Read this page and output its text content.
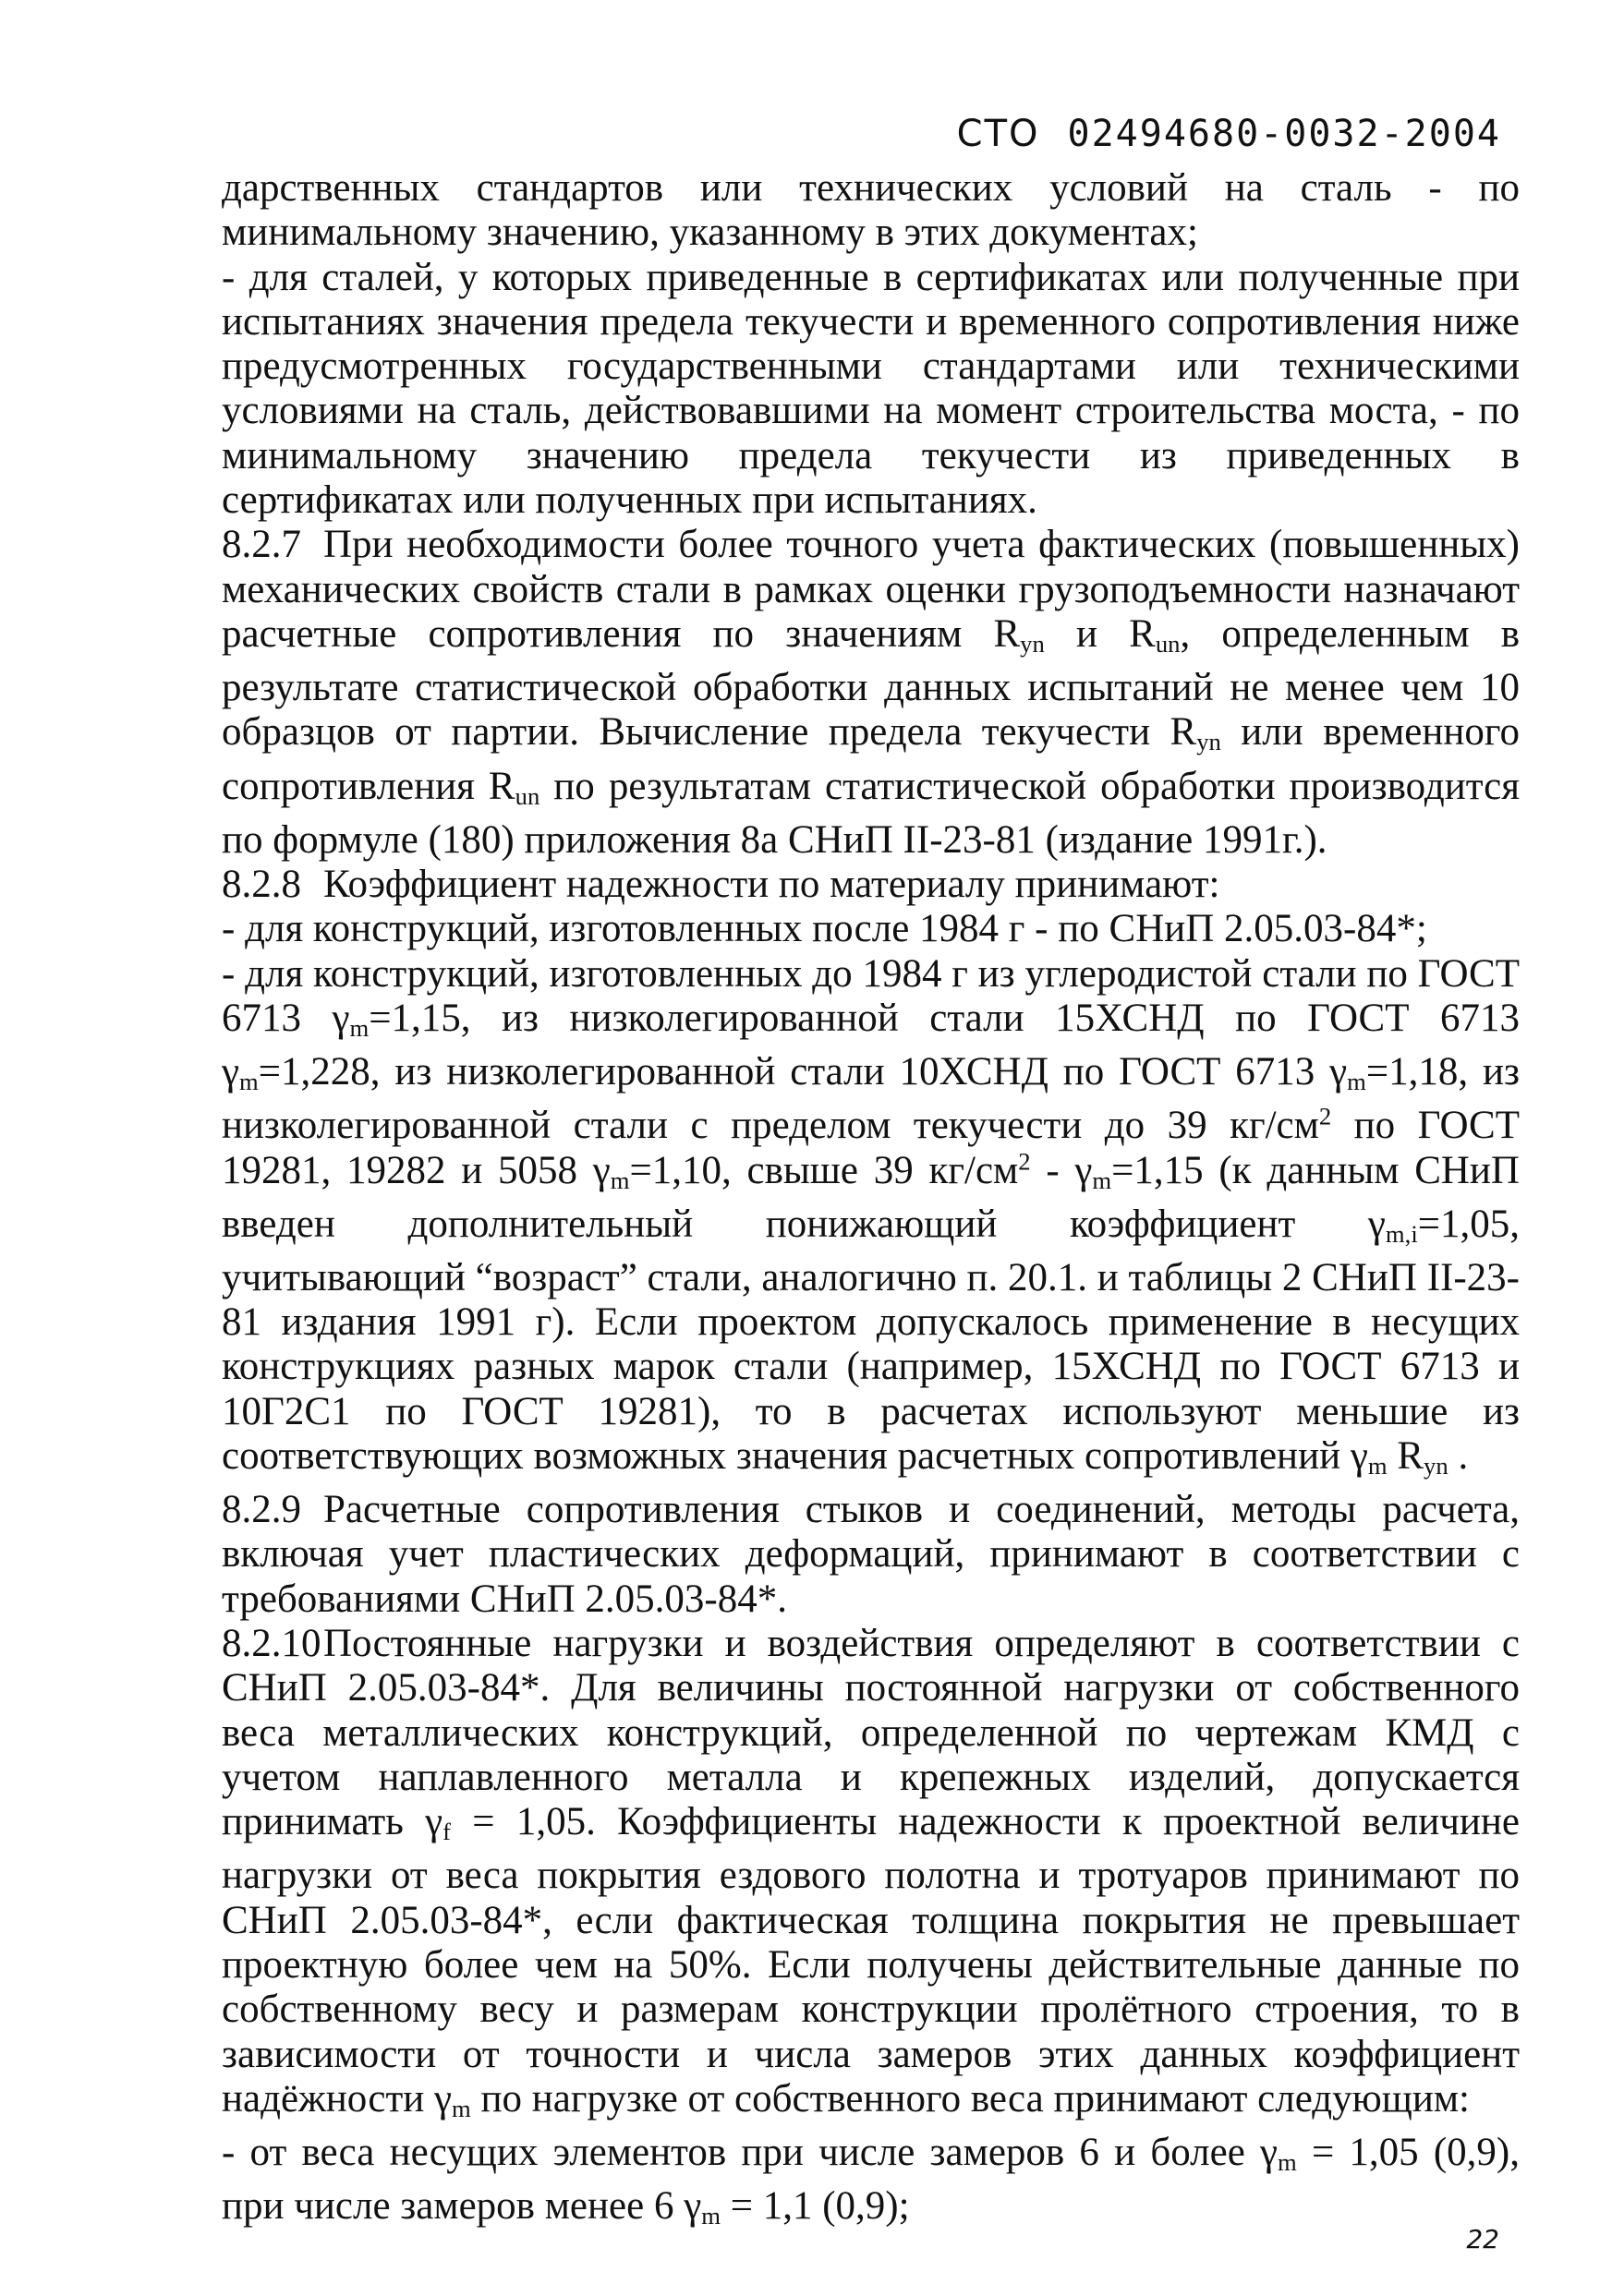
СТО 02494680-0032-2004

дарственных стандартов или технических условий на сталь - по минимальному значению, указанному в этих документах;

- для сталей, у которых приведенные в сертификатах или полученные при испытаниях значения предела текучести и временного сопротивления ниже предусмотренных государственными стандартами или техническими условиями на сталь, действовавшими на момент строительства моста, - по минимальному значению предела текучести из приведенных в сертификатах или полученных при испытаниях.

8.2.7 При необходимости более точного учета фактических (повышенных) механических свойств стали в рамках оценки грузоподъемности назначают расчетные сопротивления по значениям $R_{yn}$ и $R_{un}$, определенным в результате статистической обработки данных испытаний не менее чем 10 образцов от партии. Вычисление предела текучести $R_{yn}$ или временного сопротивления $R_{un}$ по результатам статистической обработки производится по формуле (180) приложения 8а СНиП II-23-81 (издание 1991г.).

8.2.8 Коэффициент надежности по материалу принимают:

- для конструкций, изготовленных после 1984 г - по СНиП 2.05.03-84*;

- для конструкций, изготовленных до 1984 г из углеродистой стали по ГОСТ 6713 $\gamma_m=1,15$, из низколегированной стали 15ХСНД по ГОСТ 6713 $\gamma_m=1,228$, из низколегированной стали 10ХСНД по ГОСТ 6713 $\gamma_m=1,18$, из низколегированной стали с пределом текучести до 39 $кг/см^2$ по ГОСТ 19281, 19282 и 5058 $\gamma_m=1,10$, свыше 39 $кг/см^2 - \gamma_m=1,15$ (к данным СНиП введен дополнительный понижающий коэффициент $\gamma_{m,i}=1,05$, учитывающий “возраст” стали, аналогично п. 20.1. и таблицы 2 СНиП II-23-81 издания 1991 г). Если проектом допускалось применение в несущих конструкциях разных марок стали (например, 15ХСНД по ГОСТ 6713 и 10Г2С1 по ГОСТ 19281), то в расчетах используют меньшие из соответствующих возможных значения расчетных сопротивлений $\gamma_m$ $R_{yn}$ .

8.2.9 Расчетные сопротивления стыков и соединений, методы расчета, включая учет пластических деформаций, принимают в соответствии с требованиями СНиП 2.05.03-84*.

8.2.10Постоянные нагрузки и воздействия определяют в соответствии с СНиП 2.05.03-84*. Для величины постоянной нагрузки от собственного веса металлических конструкций, определенной по чертежам КМД с учетом наплавленного металла и крепежных изделий, допускается принимать $\gamma_f = 1,05$. Коэффициенты надежности к проектной величине нагрузки от веса покрытия ездового полотна и тротуаров принимают по СНиП 2.05.03-84*, если фактическая толщина покрытия не превышает проектную более чем на 50%. Если получены действительные данные по собственному весу и размерам конструкции пролётного строения, то в зависимости от точности и числа замеров этих данных коэффициент надёжности $\gamma_m$ по нагрузке от собственного веса принимают следующим:

- от веса несущих элементов при числе замеров 6 и более $\gamma_m = 1,05$ (0,9), при числе замеров менее 6 $\gamma_m = 1,1$ (0,9);

22
